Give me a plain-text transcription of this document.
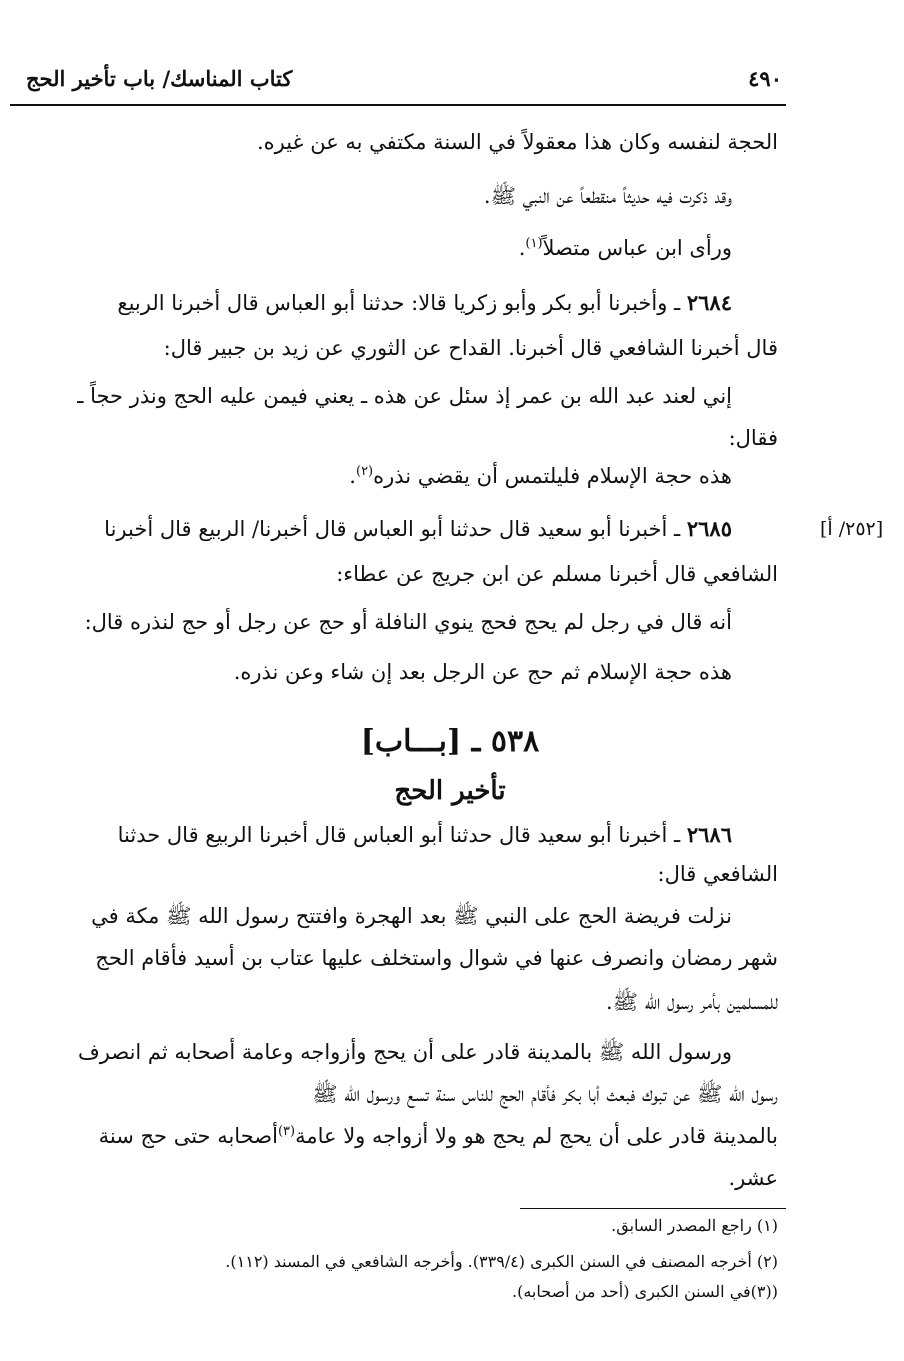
كتاب المناسك/ باب تأخير الحج	٤٩٠
الحجة لنفسه وكان هذا معقولاً في السنة مكتفي به عن غيره.
وقد ذكرت فيه حديثاً منقطعاً عن النبي ﷺ.
ورأى ابن عباس متصلاً$^{(١)}$.
٢٦٨٤ ـ وأخبرنا أبو بكر وأبو زكريا قالا: حدثنا أبو العباس قال أخبرنا الربيع
قال أخبرنا الشافعي قال أخبرنا. القداح عن الثوري عن زيد بن جبير قال:
إني لعند عبد الله بن عمر إذ سئل عن هذه ـ يعني فيمن عليه الحج ونذر حجاً ـ
فقال:
هذه حجة الإسلام فليلتمس أن يقضي نذره$^{(٢)}$.
[٢٥٢/ أ]
٢٦٨٥ ـ أخبرنا أبو سعيد قال حدثنا أبو العباس قال أخبرنا/ الربيع قال أخبرنا
الشافعي قال أخبرنا مسلم عن ابن جريج عن عطاء:
أنه قال في رجل لم يحج فحج ينوي النافلة أو حج عن رجل أو حج لنذره قال:
هذه حجة الإسلام ثم حج عن الرجل بعد إن شاء وعن نذره.
٥٣٨ ـ [بـــاب]
تأخير الحج
٢٦٨٦ ـ أخبرنا أبو سعيد قال حدثنا أبو العباس قال أخبرنا الربيع قال حدثنا
الشافعي قال:
نزلت فريضة الحج على النبي ﷺ بعد الهجرة وافتتح رسول الله ﷺ مكة في
شهر رمضان وانصرف عنها في شوال واستخلف عليها عتاب بن أسيد فأقام الحج
للمسلمين بأمر رسول الله ﷺ.
ورسول الله ﷺ بالمدينة قادر على أن يحج وأزواجه وعامة أصحابه ثم انصرف
رسول الله ﷺ عن تبوك فبعث أبا بكر فأقام الحج للناس سنة تسع ورسول الله ﷺ
بالمدينة قادر على أن يحج لم يحج هو ولا أزواجه ولا عامة$^{(٣)}$أصحابه حتى حج سنة
عشر.
(١) راجع المصدر السابق.
(٢) أخرجه المصنف في السنن الكبرى (٣٣٩/٤). وأخرجه الشافعي في المسند (١١٢).
((٣)في السنن الكبرى (أحد من أصحابه).
